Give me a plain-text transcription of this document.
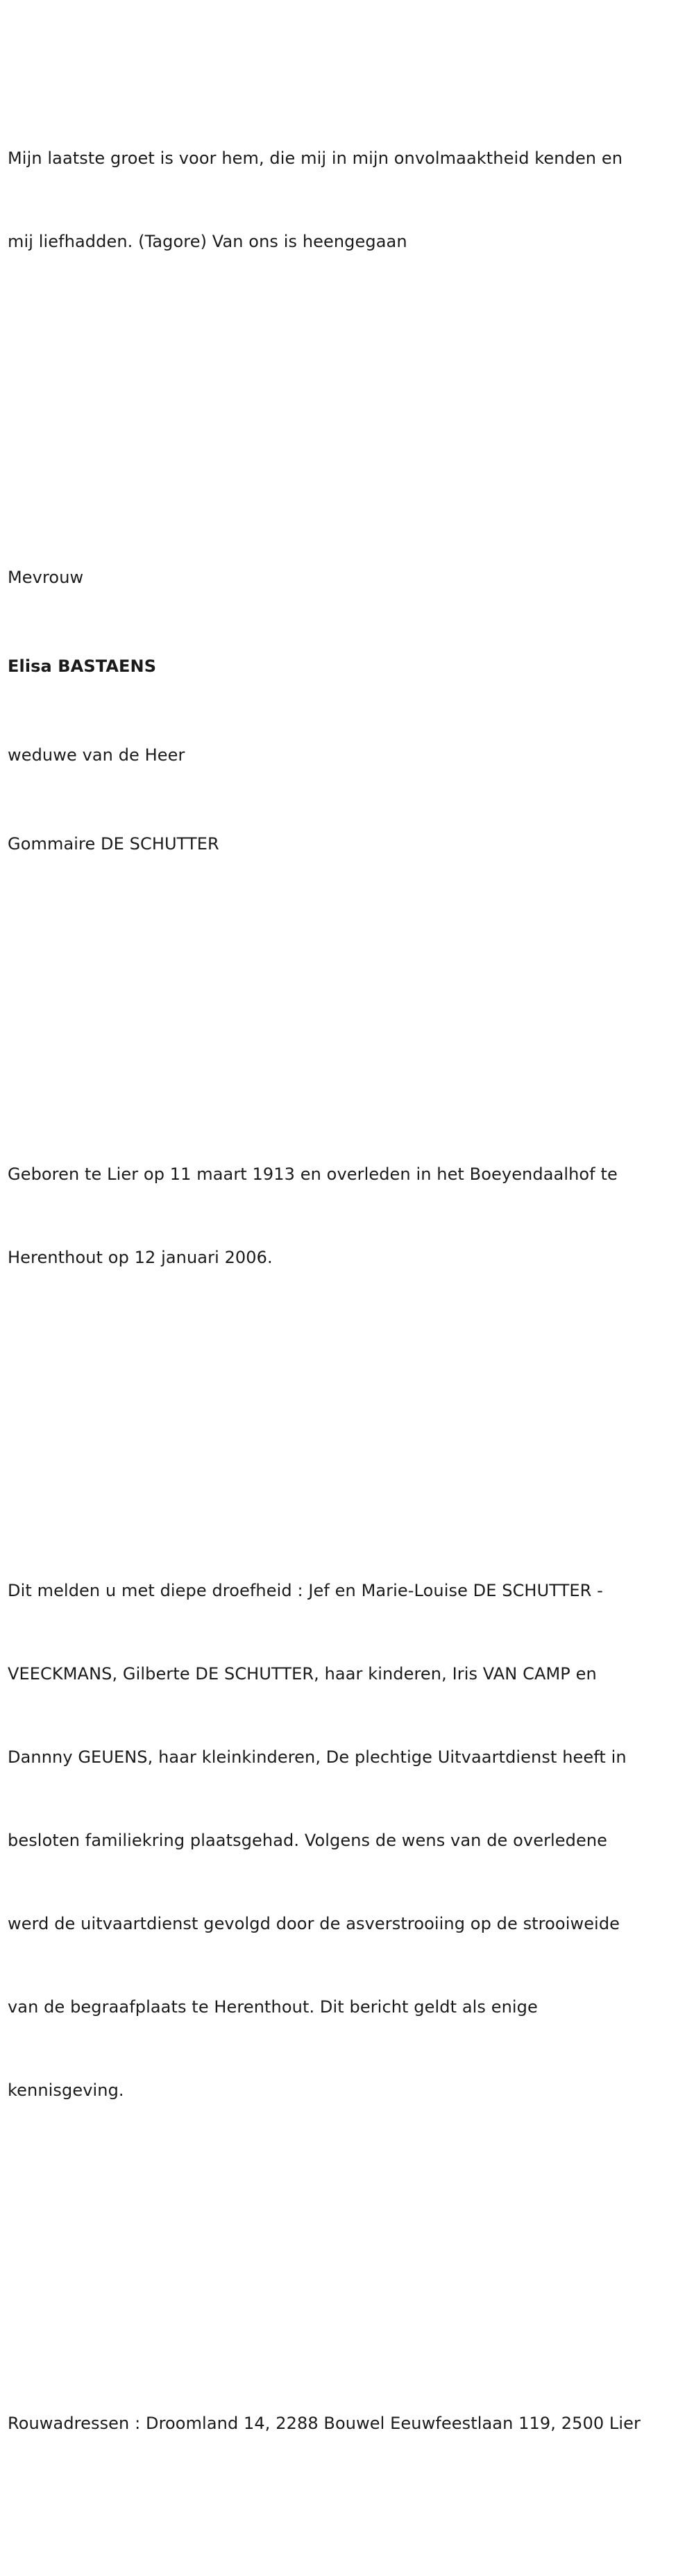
Mijn laatste groet is voor hem, die mij in mijn onvolmaaktheid kenden en

mij liefhadden. (Tagore) Van ons is heengegaan

Mevrouw

Elisa BASTAENS

weduwe van de Heer

Gommaire DE SCHUTTER

Geboren te Lier op 11 maart 1913 en overleden in het Boeyendaalhof te

Herenthout op 12 januari 2006.

Dit melden u met diepe droefheid : Jef en Marie-Louise DE SCHUTTER -

VEECKMANS, Gilberte DE SCHUTTER, haar kinderen, Iris VAN CAMP en

Dannny GEUENS, haar kleinkinderen, De plechtige Uitvaartdienst heeft in

besloten familiekring plaatsgehad. Volgens de wens van de overledene

werd de uitvaartdienst gevolgd door de asverstrooiing op de strooiweide

van de begraafplaats te Herenthout. Dit bericht geldt als enige

kennisgeving.

Rouwadressen : Droomland 14, 2288 Bouwel Eeuwfeestlaan 119, 2500 Lier
